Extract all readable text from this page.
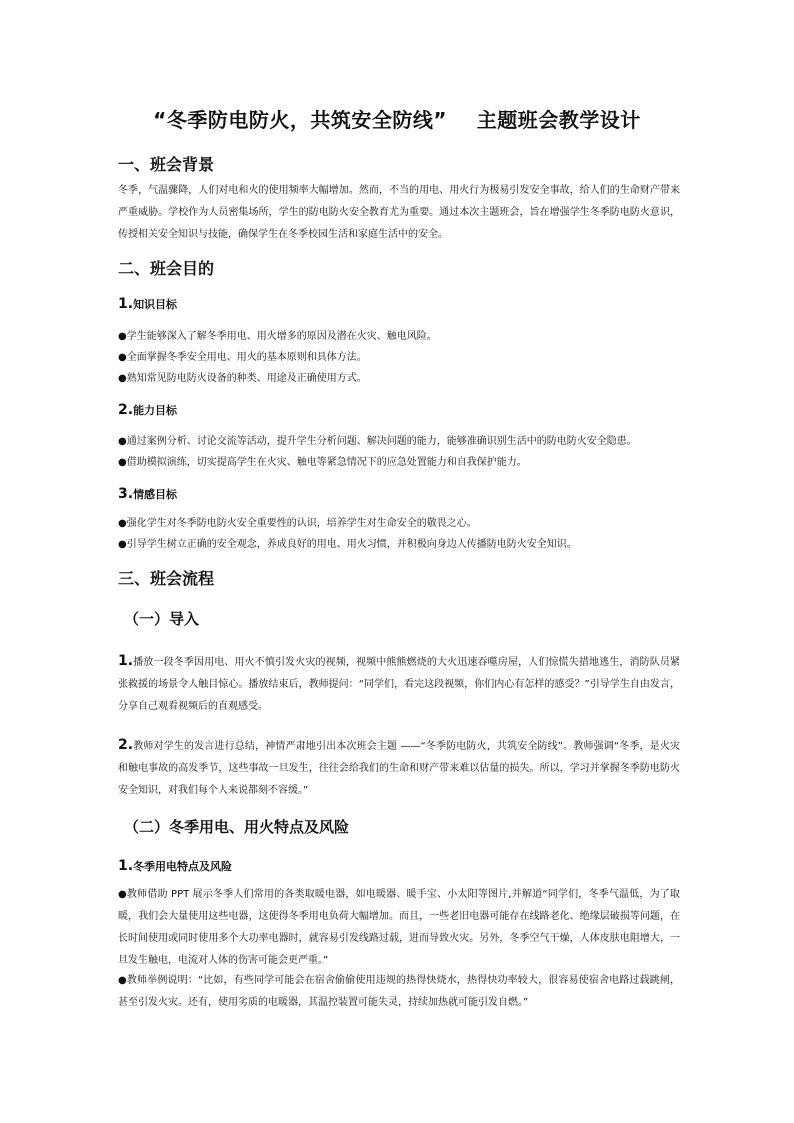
“冬季防电防火，共筑安全防线”    主题班会教学设计
一、班会背景
冬季，气温骤降，人们对电和火的使用频率大幅增加。然而，不当的用电、用火行为极易引发安全事故，给人们的生命财产带来严重威胁。学校作为人员密集场所，学生的防电防火安全教育尤为重要。通过本次主题班会，旨在增强学生冬季防电防火意识，传授相关安全知识与技能，确保学生在冬季校园生活和家庭生活中的安全。
二、班会目的
1.知识目标
●学生能够深入了解冬季用电、用火增多的原因及潜在火灾、触电风险。
●全面掌握冬季安全用电、用火的基本原则和具体方法。
●熟知常见防电防火设备的种类、用途及正确使用方式。
2.能力目标
●通过案例分析、讨论交流等活动，提升学生分析问题、解决问题的能力，能够准确识别生活中的防电防火安全隐患。
●借助模拟演练，切实提高学生在火灾、触电等紧急情况下的应急处置能力和自我保护能力。
3.情感目标
●强化学生对冬季防电防火安全重要性的认识，培养学生对生命安全的敬畏之心。
●引导学生树立正确的安全观念，养成良好的用电、用火习惯，并积极向身边人传播防电防火安全知识。
三、班会流程
（一）导入
1.播放一段冬季因用电、用火不慎引发火灾的视频，视频中熊熊燃烧的大火迅速吞噬房屋，人们惊慌失措地逃生，消防队员紧张救援的场景令人触目惊心。播放结束后，教师提问：“同学们，看完这段视频，你们内心有怎样的感受？”引导学生自由发言，分享自己观看视频后的直观感受。
2.教师对学生的发言进行总结，神情严肃地引出本次班会主题 ——“冬季防电防火，共筑安全防线”。教师强调“冬季，是火灾和触电事故的高发季节，这些事故一旦发生，往往会给我们的生命和财产带来难以估量的损失。所以，学习并掌握冬季防电防火安全知识，对我们每个人来说都刻不容缓。”
（二）冬季用电、用火特点及风险
1.冬季用电特点及风险
●教师借助 PPT 展示冬季人们常用的各类取暖电器，如电暖器、暖手宝、小太阳等图片,并解道“同学们，冬季气温低，为了取暖，我们会大量使用这些电器，这使得冬季用电负荷大幅增加。而且，一些老旧电器可能存在线路老化、绝缘层破损等问题，在长时间使用或同时使用多个大功率电器时，就容易引发线路过载，进而导致火灾。另外，冬季空气干燥，人体皮肤电阻增大，一旦发生触电，电流对人体的伤害可能会更严重。”
●教师举例说明：“比如，有些同学可能会在宿舍偷偷使用违规的热得快烧水，热得快功率较大，很容易使宿舍电路过载跳闸，甚至引发火灾。还有，使用劣质的电暖器，其温控装置可能失灵，持续加热就可能引发自燃。”
